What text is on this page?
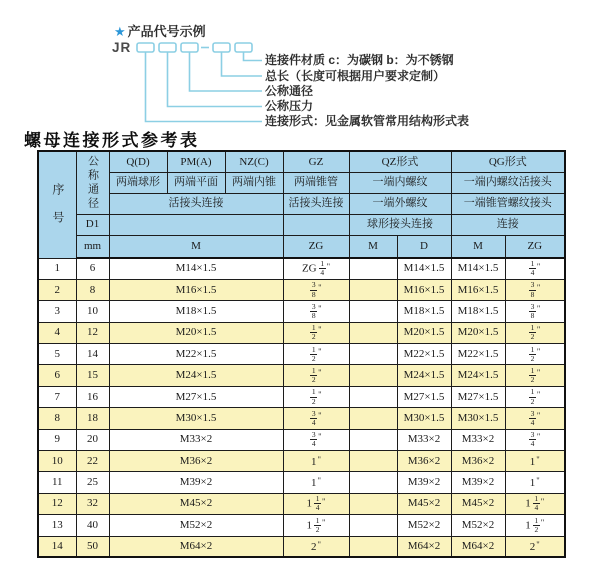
★ 产品代号示例
JR
连接件材质 c：为碳钢 b：为不锈钢
总长（长度可根据用户要求定制）
公称通径
公称压力
连接形式：见金属软管常用结构形式表
螺母连接形式参考表
序号	公称通径	Q(D)	PM(A)	NZ(C)	GZ	QZ形式		QG形式	
		两端球形	两端平面	两端内锥	两端锥管	一端内螺纹		一端内螺纹活接头	
		活接头连接			活接头连接	一端外螺纹		一端锥管螺纹接头	
	D1					球形接头连接		连接	
	mm	M			ZG	M	D	M	ZG
1	6	M14×1.5			ZG  $\frac{1}{4} ^"$		M14×1.5	M14×1.5	$\frac{1}{4} ^"$
2	8	M16×1.5			$\frac{3}{8} ^"$		M16×1.5	M16×1.5	$\frac{3}{8} ^"$
3	10	M18×1.5			$\frac{3}{8} ^"$		M18×1.5	M18×1.5	$\frac{3}{8} ^"$
4	12	M20×1.5			$\frac{1}{2} ^"$		M20×1.5	M20×1.5	$\frac{1}{2} ^"$
5	14	M22×1.5			$\frac{1}{2} ^"$		M22×1.5	M22×1.5	$\frac{1}{2} ^"$
6	15	M24×1.5			$\frac{1}{2} ^"$		M24×1.5	M24×1.5	$\frac{1}{2} ^"$
7	16	M27×1.5			$\frac{1}{2} ^"$		M27×1.5	M27×1.5	$\frac{1}{2} ^"$
8	18	M30×1.5			$\frac{3}{4} ^"$		M30×1.5	M30×1.5	$\frac{3}{4} ^"$
9	20	M33×2			$\frac{3}{4} ^"$		M33×2	M33×2	$\frac{3}{4} ^"$
10	22	M36×2			1"		M36×2	M36×2	1"
11	25	M39×2			1"		M39×2	M39×2	1"
12	32	M45×2			$1 \frac{1}{4} ^"$		M45×2	M45×2	$1 \frac{1}{4} ^"$
13	40	M52×2			$1 \frac{1}{2} ^"$		M52×2	M52×2	$1 \frac{1}{2} ^"$
14	50	M64×2			2"		M64×2	M64×2	2"
